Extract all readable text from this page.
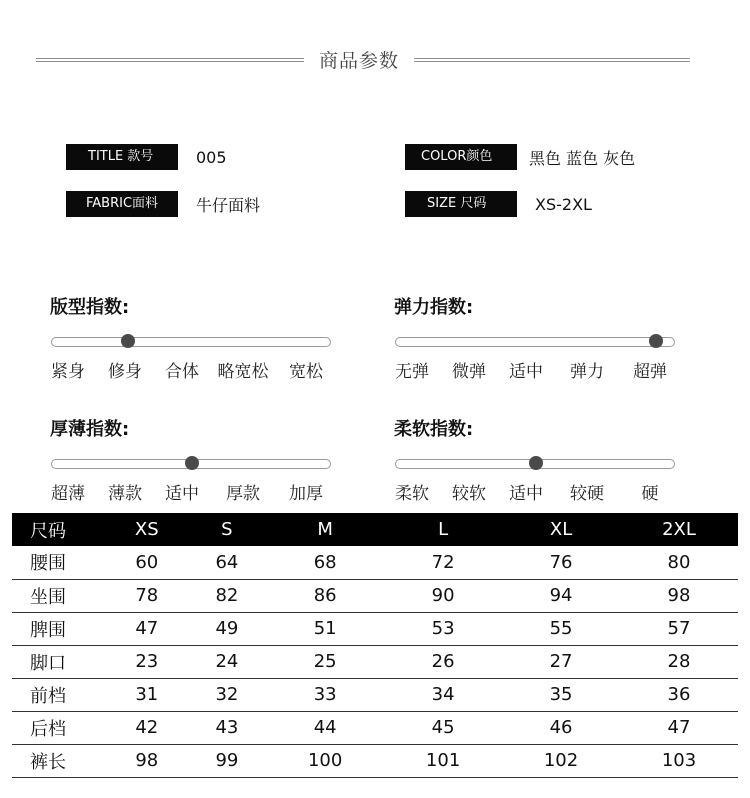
商品参数
TITLE 款号	005	COLOR颜色	黑色 蓝色 灰色
FABRIC面料	牛仔面料	SIZE 尺码	XS-2XL
版型指数:
紧身 修身 合体 略宽松 宽松
弹力指数:
无弹 微弹 适中 弹力 超弹
厚薄指数:
超薄 薄款 适中 厚款 加厚
柔软指数:
柔软 较软 适中 较硬 硬
尺码	XS	S	M	L	XL	2XL
腰围	60	64	68	72	76	80
坐围	78	82	86	90	94	98
脾围	47	49	51	53	55	57
脚口	23	24	25	26	27	28
前档	31	32	33	34	35	36
后档	42	43	44	45	46	47
裤长	98	99	100	101	102	103
